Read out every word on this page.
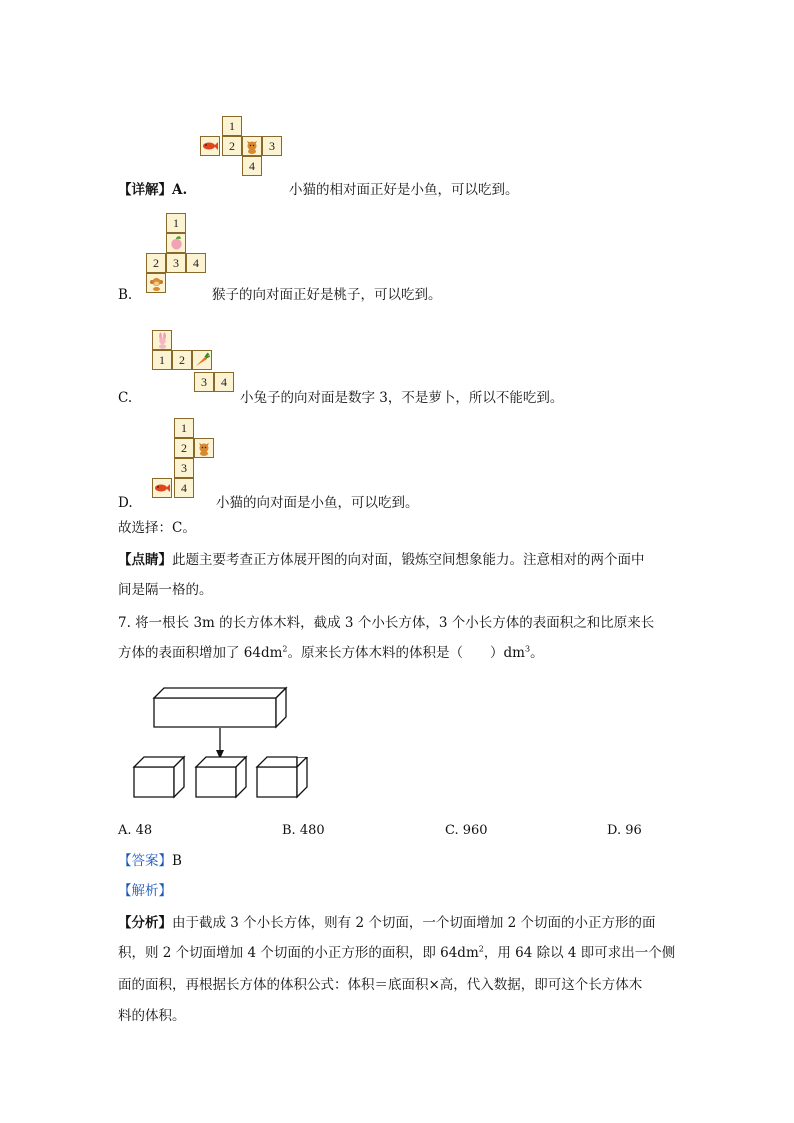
1
2	3
4
【详解】A.	小猫的相对面正好是小鱼，可以吃到。
1
2	3	4
B.	猴子的向对面正好是桃子，可以吃到。
1	2
3	4
C.	小兔子的向对面是数字 3，不是萝卜，所以不能吃到。
1
2
3
4
D.	小猫的向对面是小鱼，可以吃到。
故选择：C。
【点睛】此题主要考查正方体展开图的向对面，锻炼空间想象能力。注意相对的两个面中
间是隔一格的。
7. 将一根长 3m 的长方体木料，截成 3 个小长方体，3 个小长方体的表面积之和比原来长
方体的表面积增加了 $64dm^2$。原来长方体木料的体积是（　　）$dm^3$。
A. 48	B. 480	C. 960	D. 96
【答案】B
【解析】
【分析】由于截成 3 个小长方体，则有 2 个切面，一个切面增加 2 个切面的小正方形的面
积，则 2 个切面增加 4 个切面的小正方形的面积，即 $64dm^2$，用 64 除以 4 即可求出一个侧
面的面积，再根据长方体的体积公式：体积＝底面积×高，代入数据，即可这个长方体木
料的体积。
